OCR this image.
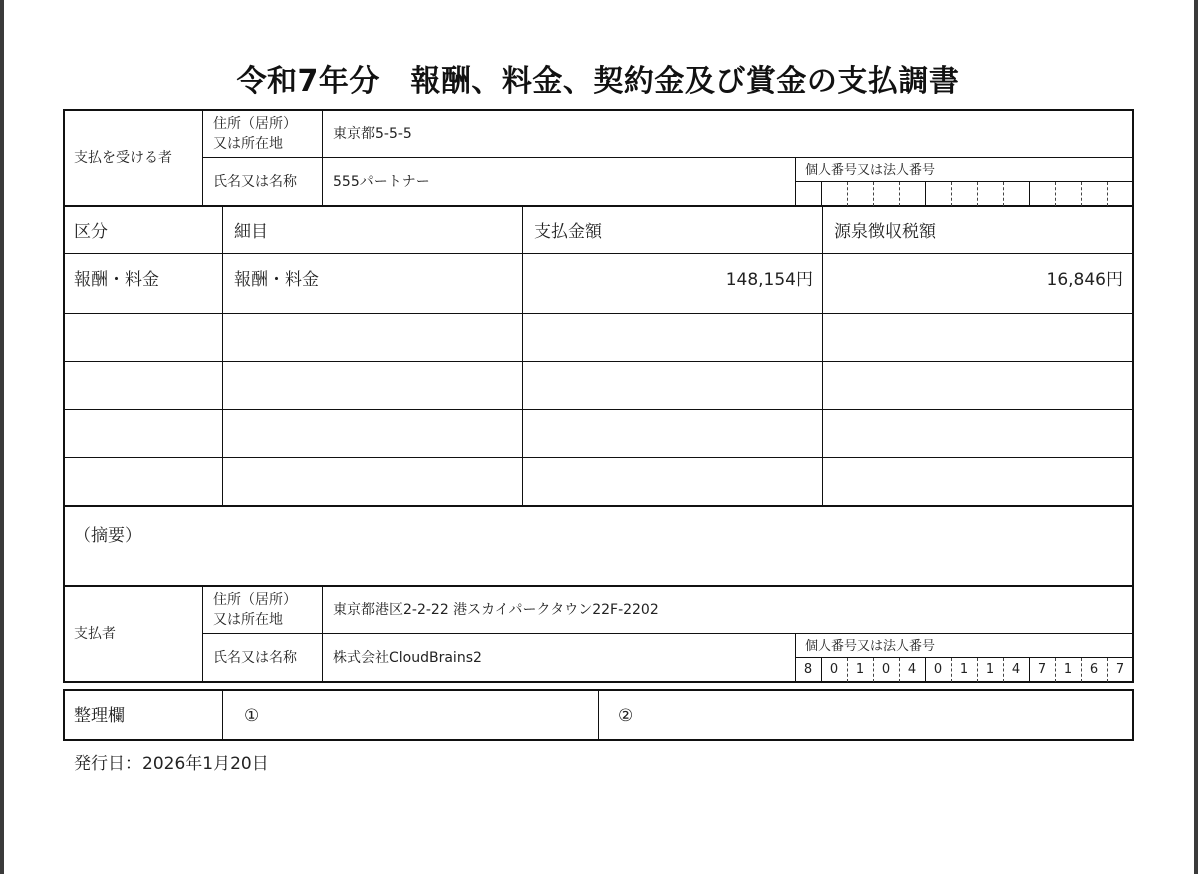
令和7年分　報酬、料金、契約金及び賞金の支払調書
支払を受ける者
住所（居所）
又は所在地
東京都5-5-5
氏名又は名称	555パートナー
個人番号又は法人番号
区分	細目	支払金額	源泉徴収税額
報酬・料金	報酬・料金	148,154円	16,846円
（摘要）
支払者
住所（居所）
又は所在地
東京都港区2-2-22 港スカイパークタウン22F-2202
氏名又は名称	株式会社CloudBrains2
個人番号又は法人番号
8	0	1	0	4	0	1	1	4	7	1	6	7
整理欄	①	②
発行日：2026年1月20日
